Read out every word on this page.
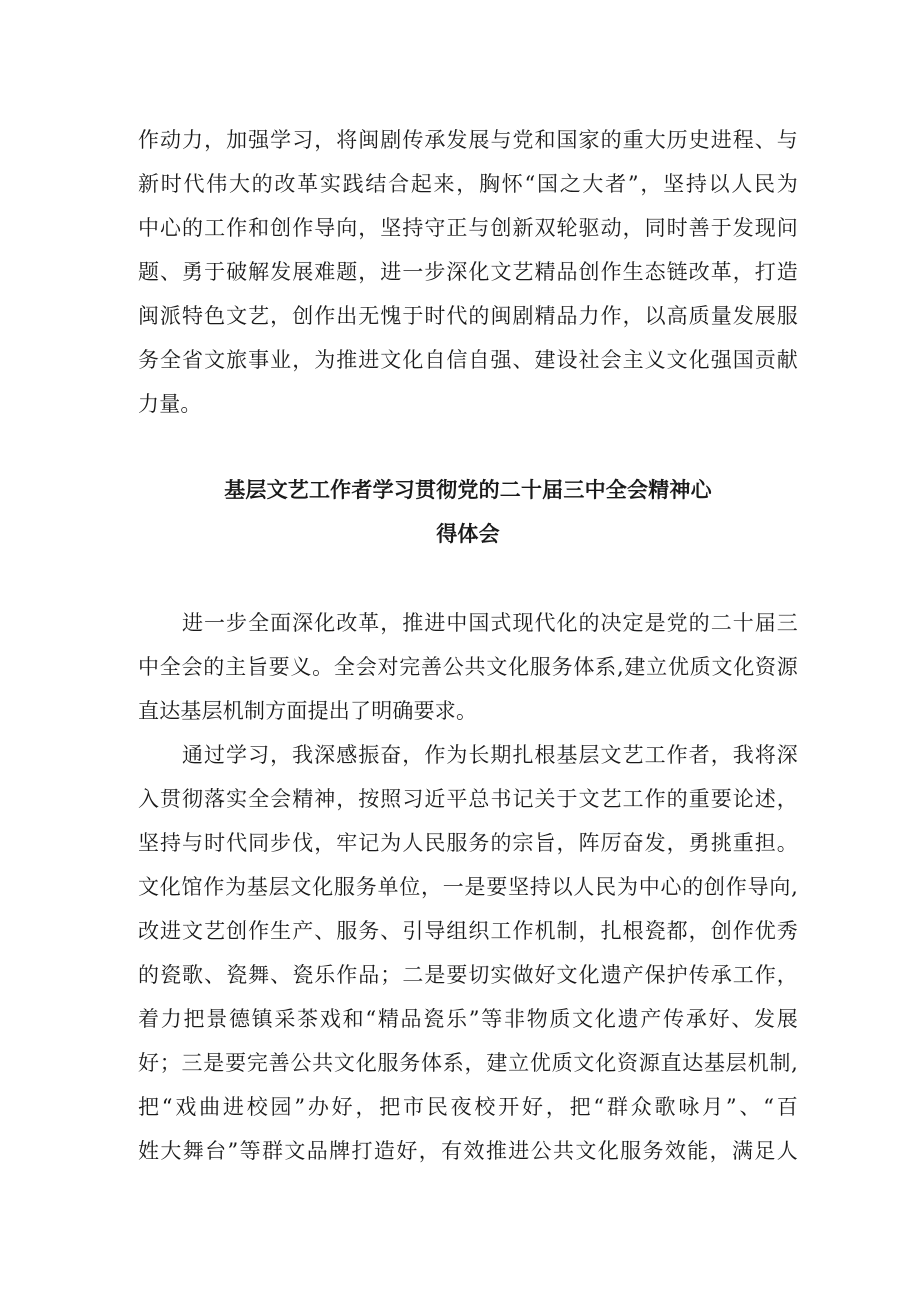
作动力，加强学习，将闽剧传承发展与党和国家的重大历史进程、与
新时代伟大的改革实践结合起来，胸怀“国之大者”，坚持以人民为
中心的工作和创作导向，坚持守正与创新双轮驱动，同时善于发现问
题、勇于破解发展难题，进一步深化文艺精品创作生态链改革，打造
闽派特色文艺，创作出无愧于时代的闽剧精品力作，以高质量发展服
务全省文旅事业，为推进文化自信自强、建设社会主义文化强国贡献
力量。
基层文艺工作者学习贯彻党的二十届三中全会精神心
得体会
进一步全面深化改革，推进中国式现代化的决定是党的二十届三
中全会的主旨要义。全会对完善公共文化服务体系,建立优质文化资源
直达基层机制方面提出了明确要求。
通过学习，我深感振奋，作为长期扎根基层文艺工作者，我将深
入贯彻落实全会精神，按照习近平总书记关于文艺工作的重要论述，
坚持与时代同步伐，牢记为人民服务的宗旨，阵厉奋发，勇挑重担。
文化馆作为基层文化服务单位，一是要坚持以人民为中心的创作导向,
改进文艺创作生产、服务、引导组织工作机制，扎根瓷都，创作优秀
的瓷歌、瓷舞、瓷乐作品；二是要切实做好文化遗产保护传承工作，
着力把景德镇采茶戏和“精品瓷乐”等非物质文化遗产传承好、发展
好；三是要完善公共文化服务体系，建立优质文化资源直达基层机制,
把“戏曲进校园”办好，把市民夜校开好，把“群众歌咏月”、“百
姓大舞台”等群文品牌打造好，有效推进公共文化服务效能，满足人
